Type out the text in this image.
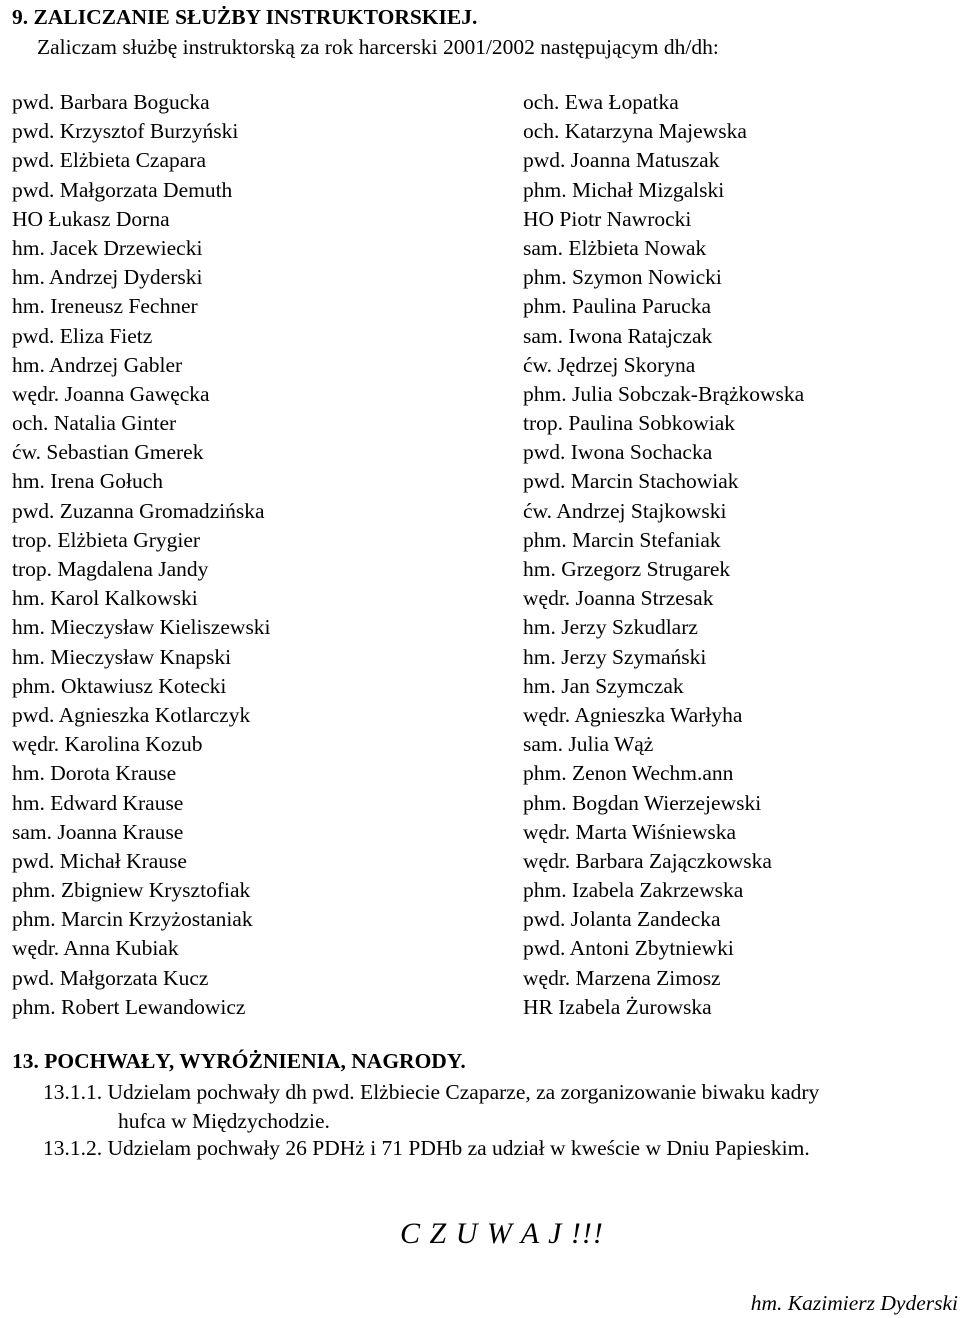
9. ZALICZANIE SŁUŻBY INSTRUKTORSKIEJ.
Zaliczam służbę instruktorską za rok harcerski 2001/2002 następującym dh/dh:
pwd. Barbara Bogucka
pwd. Krzysztof Burzyński
pwd. Elżbieta Czapara
pwd. Małgorzata Demuth
HO Łukasz Dorna
hm. Jacek Drzewiecki
hm. Andrzej Dyderski
hm. Ireneusz Fechner
pwd. Eliza Fietz
hm. Andrzej Gabler
wędr. Joanna Gawęcka
och. Natalia Ginter
ćw. Sebastian Gmerek
hm. Irena Gołuch
pwd. Zuzanna Gromadzińska
trop. Elżbieta Grygier
trop. Magdalena Jandy
hm. Karol Kalkowski
hm. Mieczysław Kieliszewski
hm. Mieczysław Knapski
phm. Oktawiusz Kotecki
pwd. Agnieszka Kotlarczyk
wędr. Karolina Kozub
hm. Dorota Krause
hm. Edward Krause
sam. Joanna Krause
pwd. Michał Krause
phm. Zbigniew Krysztofiak
phm. Marcin Krzyżostaniak
wędr. Anna Kubiak
pwd. Małgorzata Kucz
phm. Robert Lewandowicz
och. Ewa Łopatka
och. Katarzyna Majewska
pwd. Joanna Matuszak
phm. Michał Mizgalski
HO Piotr Nawrocki
sam. Elżbieta Nowak
phm. Szymon Nowicki
phm. Paulina Parucka
sam. Iwona Ratajczak
ćw. Jędrzej Skoryna
phm. Julia Sobczak-Brążkowska
trop. Paulina Sobkowiak
pwd. Iwona Sochacka
pwd. Marcin Stachowiak
ćw. Andrzej Stajkowski
phm. Marcin Stefaniak
hm. Grzegorz Strugarek
wędr. Joanna Strzesak
hm. Jerzy Szkudlarz
hm. Jerzy Szymański
hm. Jan Szymczak
wędr. Agnieszka Warłyha
sam. Julia Wąż
phm. Zenon Wechm.ann
phm. Bogdan Wierzejewski
wędr. Marta Wiśniewska
wędr. Barbara Zajączkowska
phm. Izabela Zakrzewska
pwd. Jolanta Zandecka
pwd. Antoni Zbytniewki
wędr. Marzena Zimosz
HR Izabela Żurowska
13. POCHWAŁY, WYRÓŻNIENIA, NAGRODY.
13.1.1. Udzielam pochwały dh pwd. Elżbiecie Czaparze, za zorganizowanie biwaku kadry
hufca w Międzychodzie.
13.1.2. Udzielam pochwały 26 PDHż i 71 PDHb za udział w kweście w Dniu Papieskim.
C Z U W A J !!!
hm. Kazimierz Dyderski
